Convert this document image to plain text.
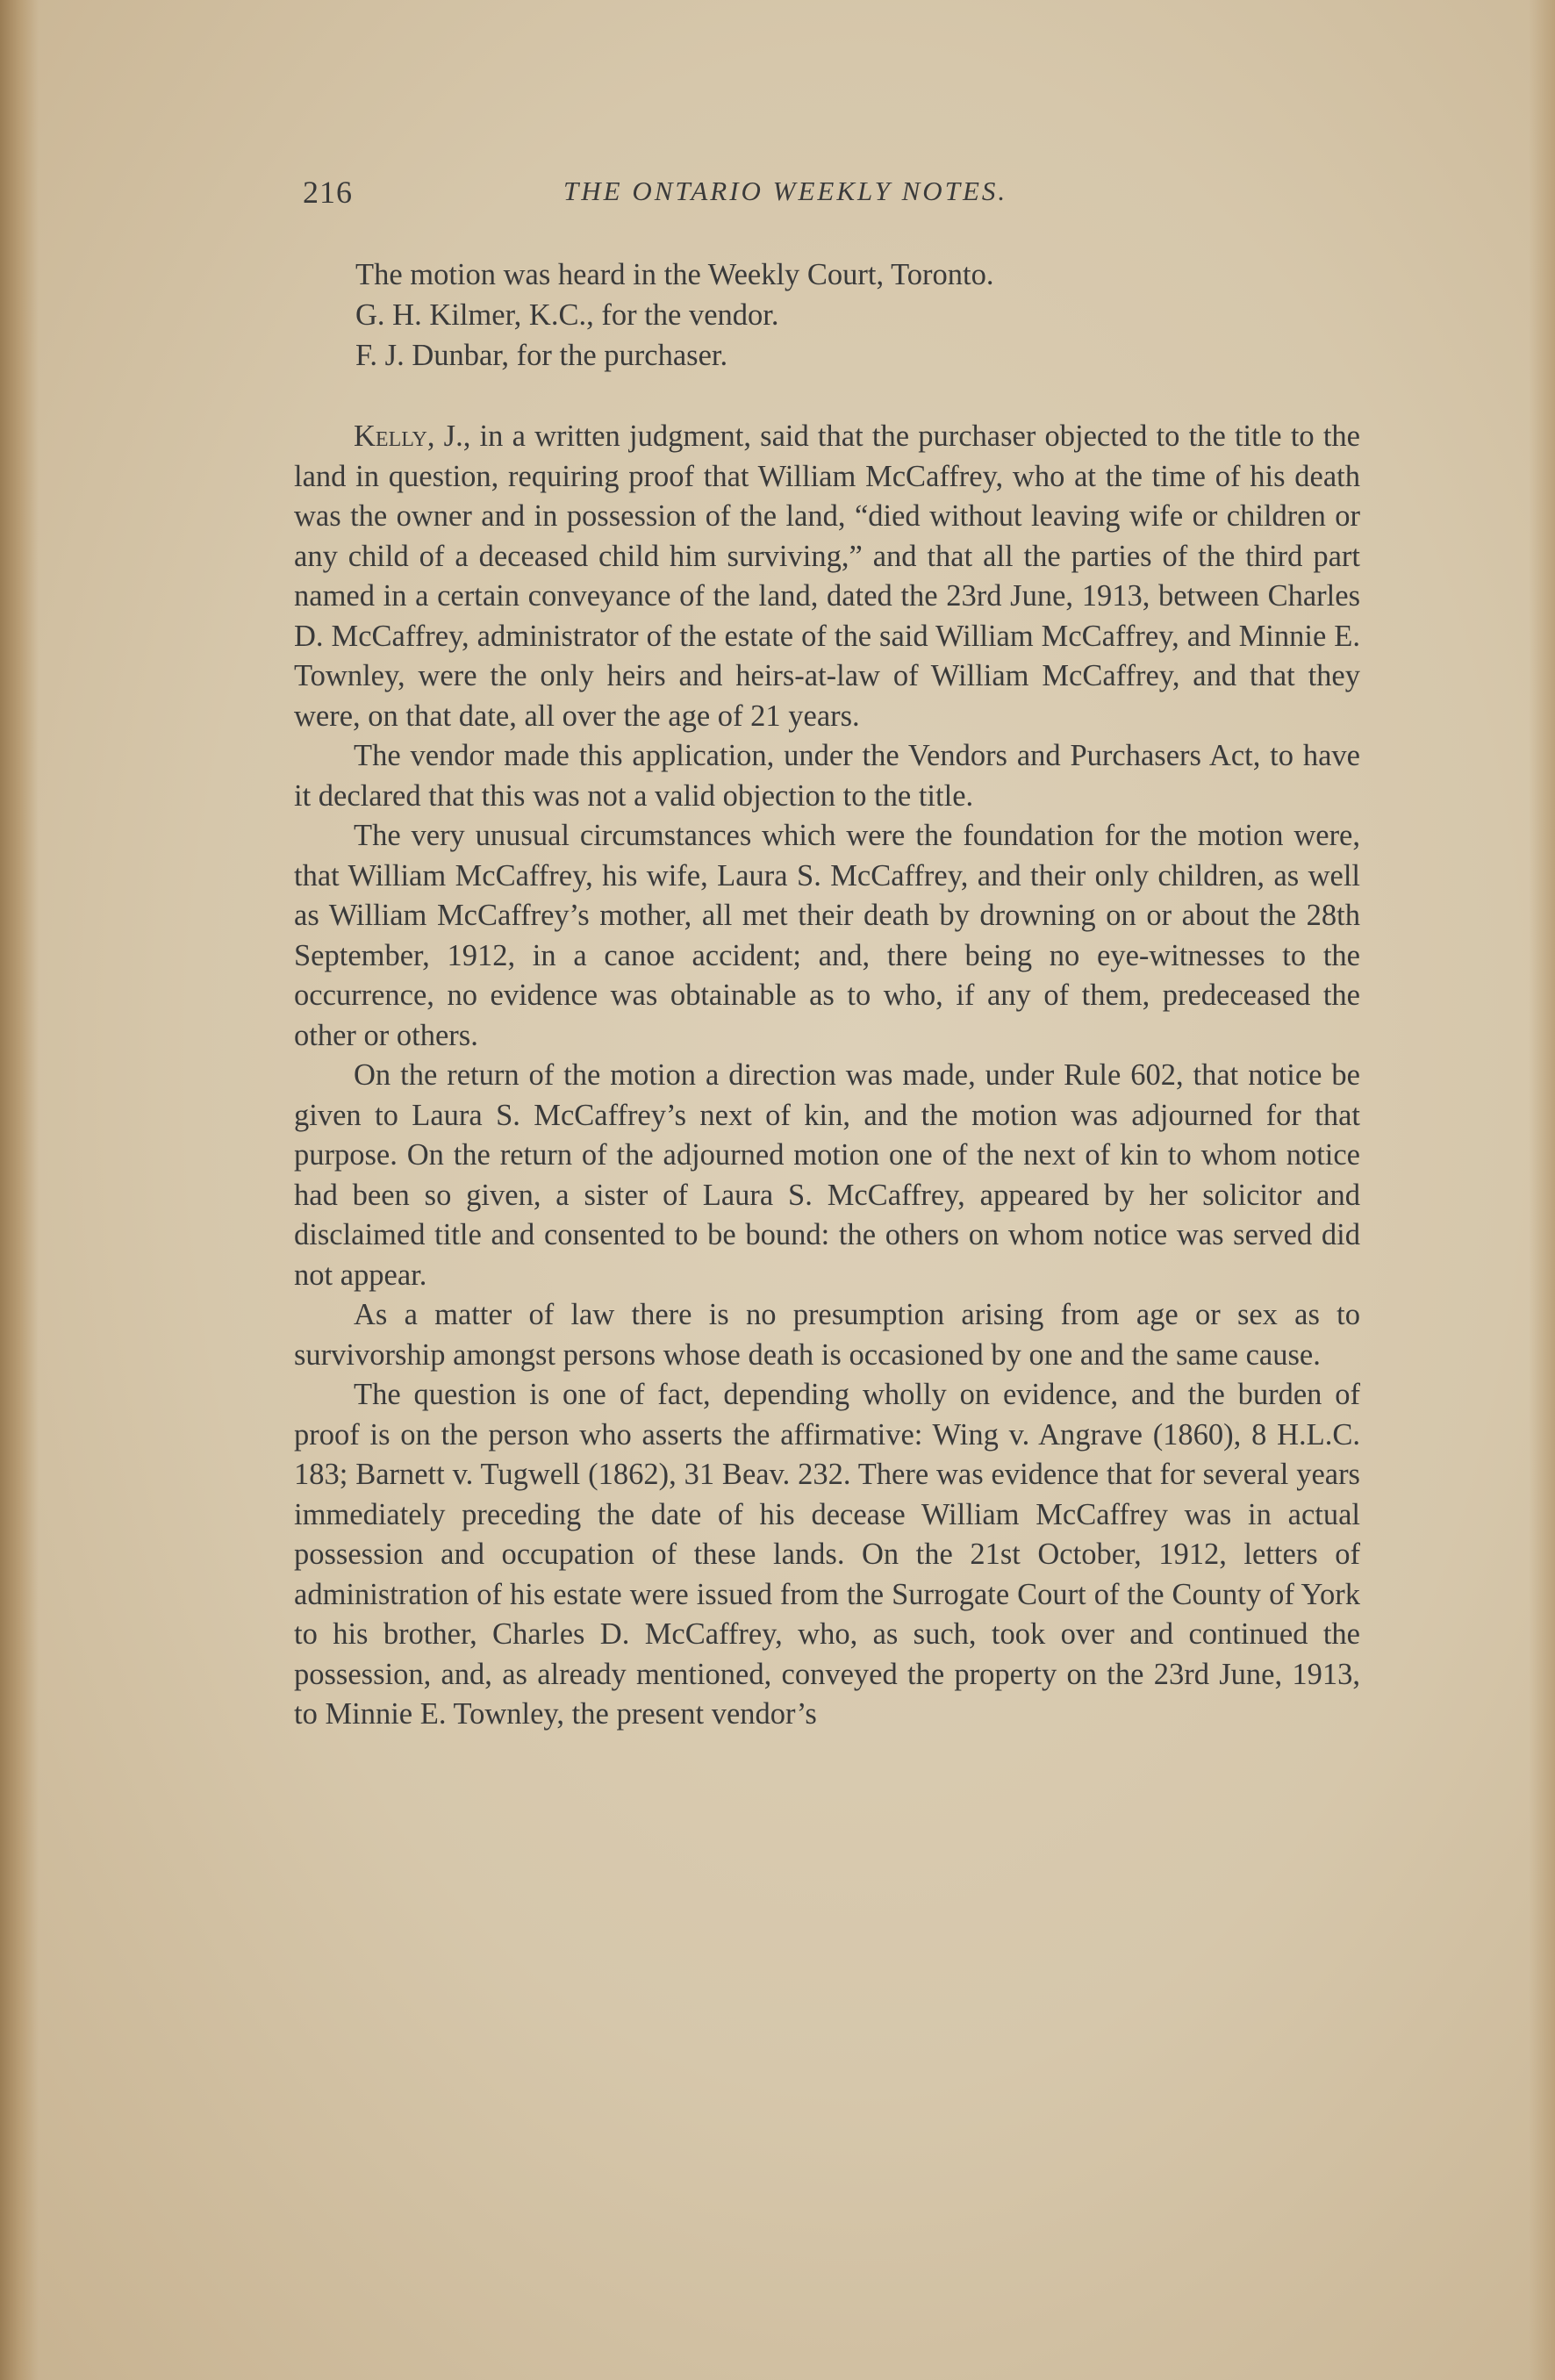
216	THE ONTARIO WEEKLY NOTES.
The motion was heard in the Weekly Court, Toronto.
G. H. Kilmer, K.C., for the vendor.
F. J. Dunbar, for the purchaser.

Kelly, J., in a written judgment, said that the purchaser objected to the title to the land in question, requiring proof that William McCaffrey, who at the time of his death was the owner and in possession of the land, “died without leaving wife or children or any child of a deceased child him surviving,” and that all the parties of the third part named in a certain conveyance of the land, dated the 23rd June, 1913, between Charles D. McCaffrey, administrator of the estate of the said William McCaffrey, and Minnie E. Townley, were the only heirs and heirs-at-law of William McCaffrey, and that they were, on that date, all over the age of 21 years.

The vendor made this application, under the Vendors and Purchasers Act, to have it declared that this was not a valid objection to the title.

The very unusual circumstances which were the foundation for the motion were, that William McCaffrey, his wife, Laura S. McCaffrey, and their only children, as well as William McCaffrey’s mother, all met their death by drowning on or about the 28th September, 1912, in a canoe accident; and, there being no eye-witnesses to the occurrence, no evidence was obtainable as to who, if any of them, predeceased the other or others.

On the return of the motion a direction was made, under Rule 602, that notice be given to Laura S. McCaffrey’s next of kin, and the motion was adjourned for that purpose. On the return of the adjourned motion one of the next of kin to whom notice had been so given, a sister of Laura S. McCaffrey, appeared by her solicitor and disclaimed title and consented to be bound: the others on whom notice was served did not appear.

As a matter of law there is no presumption arising from age or sex as to survivorship amongst persons whose death is occasioned by one and the same cause.

The question is one of fact, depending wholly on evidence, and the burden of proof is on the person who asserts the affirmative: Wing v. Angrave (1860), 8 H.L.C. 183; Barnett v. Tugwell (1862), 31 Beav. 232. There was evidence that for several years immediately preceding the date of his decease William McCaffrey was in actual possession and occupation of these lands. On the 21st October, 1912, letters of administration of his estate were issued from the Surrogate Court of the County of York to his brother, Charles D. McCaffrey, who, as such, took over and continued the possession, and, as already mentioned, conveyed the property on the 23rd June, 1913, to Minnie E. Townley, the present vendor’s
